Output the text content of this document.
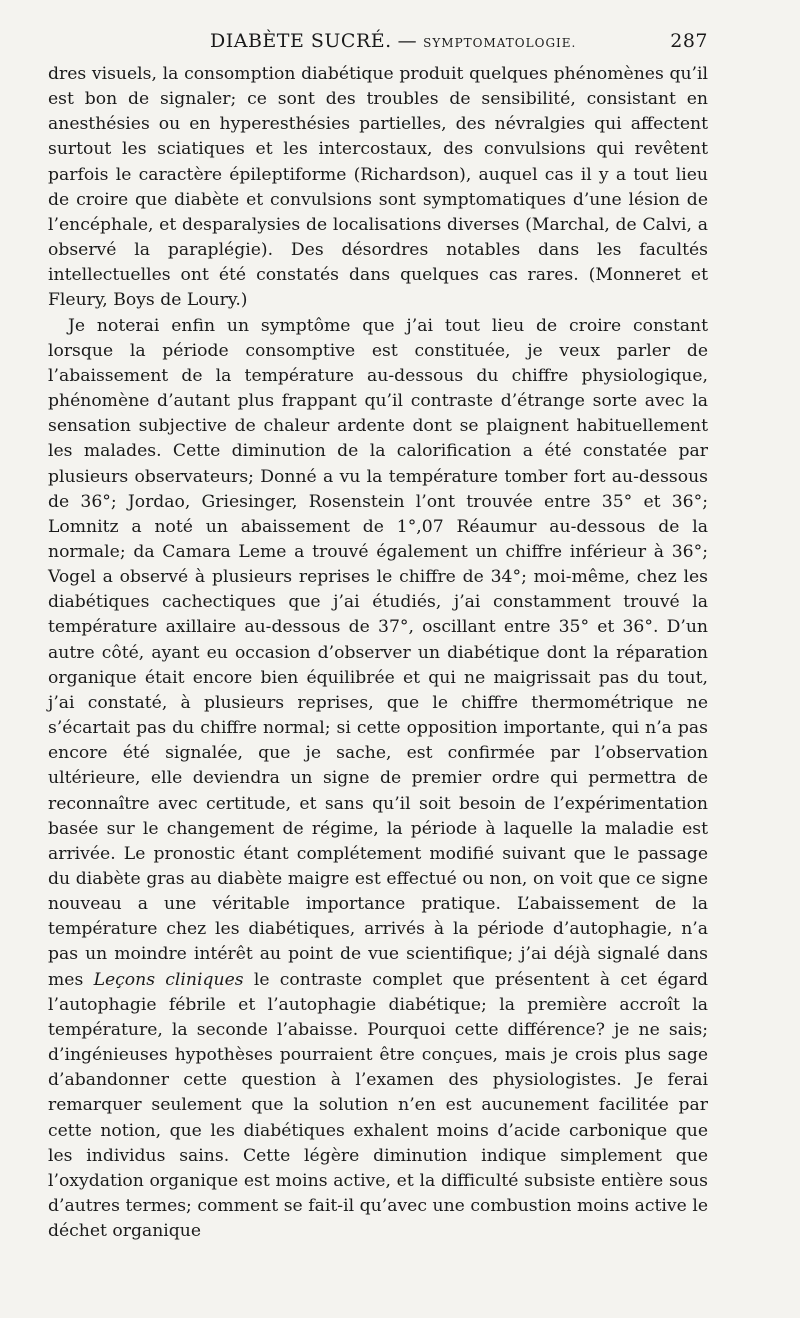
DIABÈTE SUCRÉ. — SYMPTOMATOLOGIE.	287

dres visuels, la consomption diabétique produit quelques phénomènes qu’il est bon de signaler; ce sont des troubles de sensibilité, consistant en anesthésies ou en hyperesthésies partielles, des névralgies qui affectent surtout les sciatiques et les intercostaux, des convulsions qui revêtent parfois le caractère épileptiforme (Richardson), auquel cas il y a tout lieu de croire que diabète et convulsions sont symptomatiques d’une lésion de l’encéphale, et desparalysies de localisations diverses (Marchal, de Calvi, a observé la paraplégie). Des désordres notables dans les facultés intellectuelles ont été constatés dans quelques cas rares. (Monneret et Fleury, Boys de Loury.)

Je noterai enfin un symptôme que j’ai tout lieu de croire constant lorsque la période consomptive est constituée, je veux parler de l’abaissement de la température au-dessous du chiffre physiologique, phénomène d’autant plus frappant qu’il contraste d’étrange sorte avec la sensation subjective de chaleur ardente dont se plaignent habituellement les malades. Cette diminution de la calorification a été constatée par plusieurs observateurs; Donné a vu la température tomber fort au-dessous de 36°; Jordao, Griesinger, Rosenstein l’ont trouvée entre 35° et 36°; Lomnitz a noté un abaissement de 1°,07 Réaumur au-dessous de la normale; da Camara Leme a trouvé également un chiffre inférieur à 36°; Vogel a observé à plusieurs reprises le chiffre de 34°; moi-même, chez les diabétiques cachectiques que j’ai étudiés, j’ai constamment trouvé la température axillaire au-dessous de 37°, oscillant entre 35° et 36°. D’un autre côté, ayant eu occasion d’observer un diabétique dont la réparation organique était encore bien équilibrée et qui ne maigrissait pas du tout, j’ai constaté, à plusieurs reprises, que le chiffre thermométrique ne s’écartait pas du chiffre normal; si cette opposition importante, qui n’a pas encore été signalée, que je sache, est confirmée par l’observation ultérieure, elle deviendra un signe de premier ordre qui permettra de reconnaître avec certitude, et sans qu’il soit besoin de l’expérimentation basée sur le changement de régime, la période à laquelle la maladie est arrivée. Le pronostic étant complétement modifié suivant que le passage du diabète gras au diabète maigre est effectué ou non, on voit que ce signe nouveau a une véritable importance pratique. L’abaissement de la température chez les diabétiques, arrivés à la période d’autophagie, n’a pas un moindre intérêt au point de vue scientifique; j’ai déjà signalé dans mes Leçons cliniques le contraste complet que présentent à cet égard l’autophagie fébrile et l’autophagie diabétique; la première accroît la température, la seconde l’abaisse. Pourquoi cette différence? je ne sais; d’ingénieuses hypothèses pourraient être conçues, mais je crois plus sage d’abandonner cette question à l’examen des physiologistes. Je ferai remarquer seulement que la solution n’en est aucunement facilitée par cette notion, que les diabétiques exhalent moins d’acide carbonique que les individus sains. Cette légère diminution indique simplement que l’oxydation organique est moins active, et la difficulté subsiste entière sous d’autres termes; comment se fait-il qu’avec une combustion moins active le déchet organique
